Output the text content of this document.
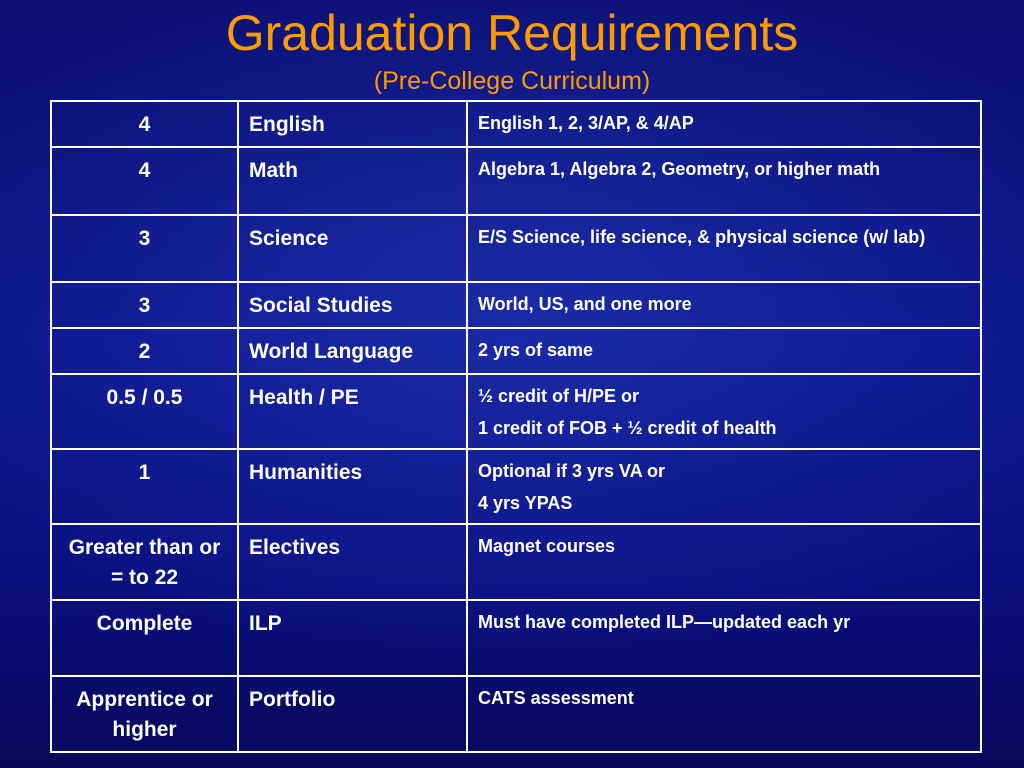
Graduation Requirements
(Pre-College Curriculum)
4	English	English 1, 2, 3/AP, & 4/AP

4	Math	Algebra 1, Algebra 2, Geometry, or higher math

3	Science	E/S Science, life science, & physical science (w/ lab)

3	Social Studies	World, US, and one more

2	World Language	2 yrs of same

0.5 / 0.5	Health / PE	½ credit of H/PE or
1 credit of FOB + ½ credit of health

1	Humanities	Optional if 3 yrs VA or
4 yrs YPAS

Greater than or = to 22	Electives	Magnet courses

Complete	ILP	Must have completed ILP—updated each yr

Apprentice or higher	Portfolio	CATS assessment
